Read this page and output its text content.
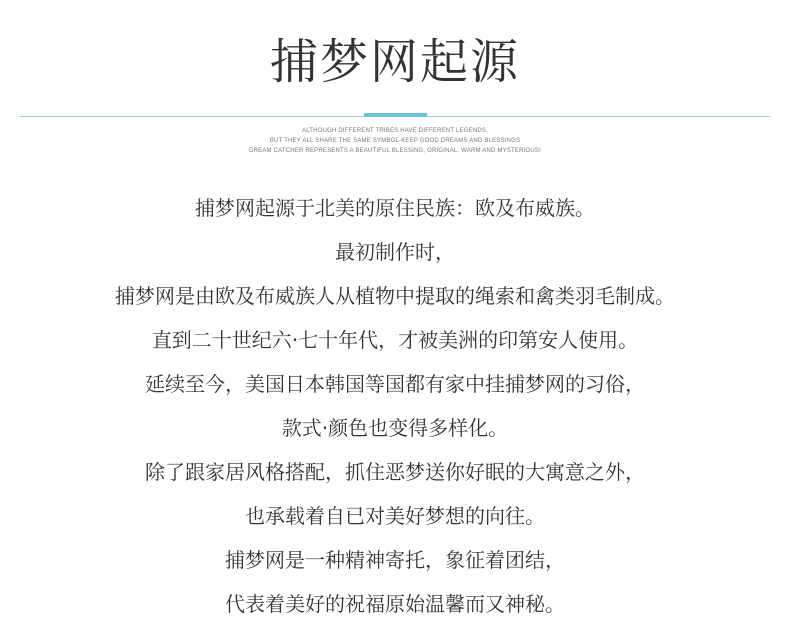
捕梦网起源

ALTHOUGH DIFFERENT TRIBES HAVE DIFFERENT LEGENDS,

BUT THEY ALL SHARE THE SAME SYMBOL-KEEP GOOD DREAMS AND BLESSINGS

DREAM CATCHER REPRESENTS A BEAUTIFUL BLESSING, ORIGINAL, WARM AND MYSTERIOUS!

捕梦网起源于北美的原住民族：欧及布威族。

最初制作时，

捕梦网是由欧及布威族人从植物中提取的绳索和禽类羽毛制成。

直到二十世纪六·七十年代，才被美洲的印第安人使用。

延续至今，美国日本韩国等国都有家中挂捕梦网的习俗，

款式·颜色也变得多样化。

除了跟家居风格搭配，抓住恶梦送你好眠的大寓意之外，

也承载着自已对美好梦想的向往。

捕梦网是一种精神寄托，象征着团结，

代表着美好的祝福原始温馨而又神秘。
